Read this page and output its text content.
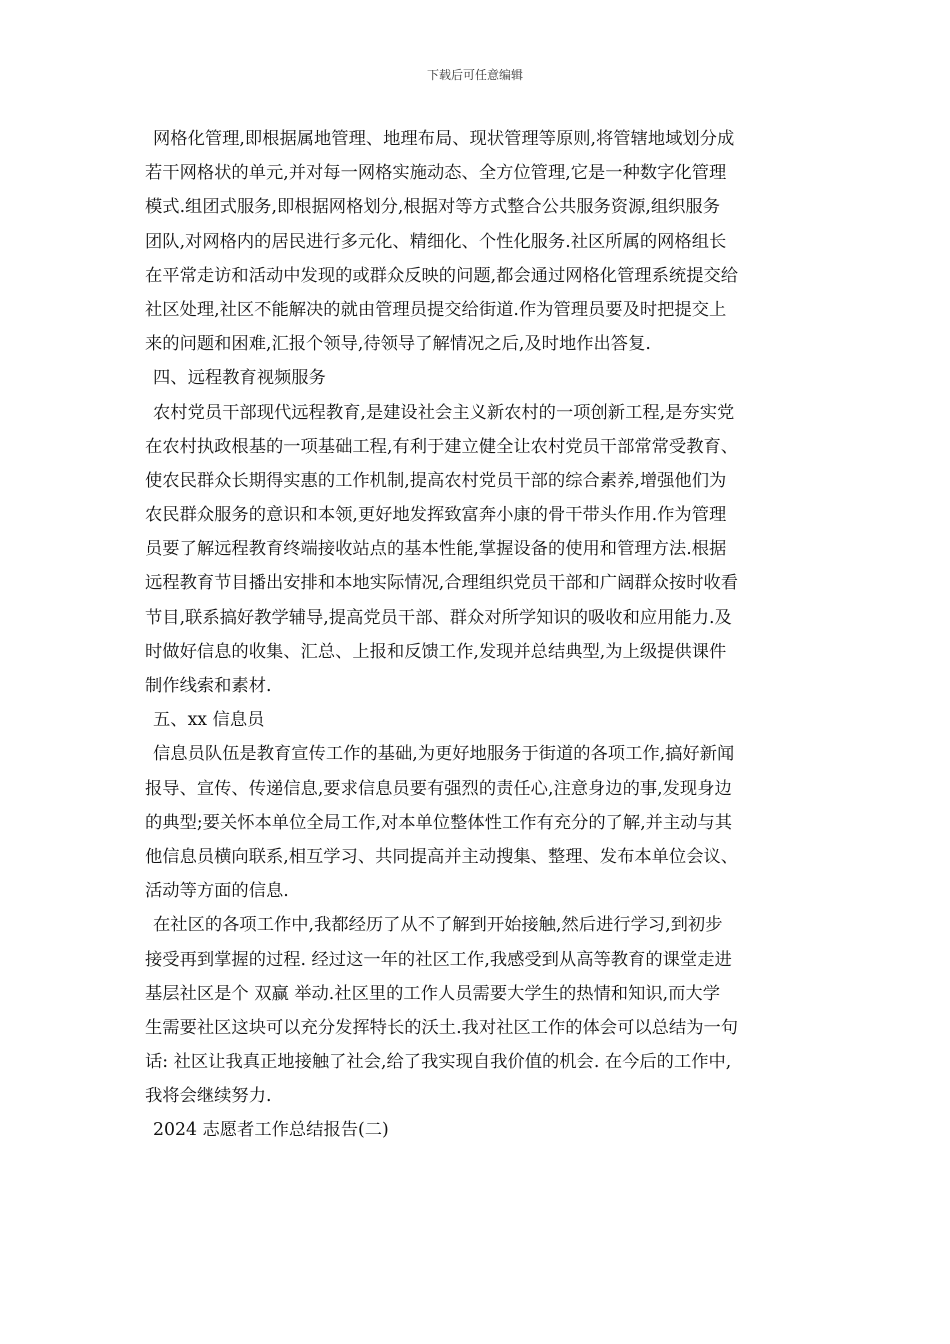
下载后可任意编辑
网格化管理,即根据属地管理、地理布局、现状管理等原则,将管辖地域划分成
若干网格状的单元,并对每一网格实施动态、全方位管理,它是一种数字化管理
模式.组团式服务,即根据网格划分,根据对等方式整合公共服务资源,组织服务
团队,对网格内的居民进行多元化、精细化、个性化服务.社区所属的网格组长
在平常走访和活动中发现的或群众反映的问题,都会通过网格化管理系统提交给
社区处理,社区不能解决的就由管理员提交给街道.作为管理员要及时把提交上
来的问题和困难,汇报个领导,待领导了解情况之后,及时地作出答复.
四、远程教育视频服务
农村党员干部现代远程教育,是建设社会主义新农村的一项创新工程,是夯实党
在农村执政根基的一项基础工程,有利于建立健全让农村党员干部常常受教育、
使农民群众长期得实惠的工作机制,提高农村党员干部的综合素养,增强他们为
农民群众服务的意识和本领,更好地发挥致富奔小康的骨干带头作用.作为管理
员要了解远程教育终端接收站点的基本性能,掌握设备的使用和管理方法.根据
远程教育节目播出安排和本地实际情况,合理组织党员干部和广阔群众按时收看
节目,联系搞好教学辅导,提高党员干部、群众对所学知识的吸收和应用能力.及
时做好信息的收集、汇总、上报和反馈工作,发现并总结典型,为上级提供课件
制作线索和素材.
五、xx 信息员
信息员队伍是教育宣传工作的基础,为更好地服务于街道的各项工作,搞好新闻
报导、宣传、传递信息,要求信息员要有强烈的责任心,注意身边的事,发现身边
的典型;要关怀本单位全局工作,对本单位整体性工作有充分的了解,并主动与其
他信息员横向联系,相互学习、共同提高并主动搜集、整理、发布本单位会议、
活动等方面的信息.
在社区的各项工作中,我都经历了从不了解到开始接触,然后进行学习,到初步
接受再到掌握的过程. 经过这一年的社区工作,我感受到从高等教育的课堂走进
基层社区是个 双赢 举动.社区里的工作人员需要大学生的热情和知识,而大学
生需要社区这块可以充分发挥特长的沃土.我对社区工作的体会可以总结为一句
话: 社区让我真正地接触了社会,给了我实现自我价值的机会. 在今后的工作中,
我将会继续努力.
2024 志愿者工作总结报告(二)
